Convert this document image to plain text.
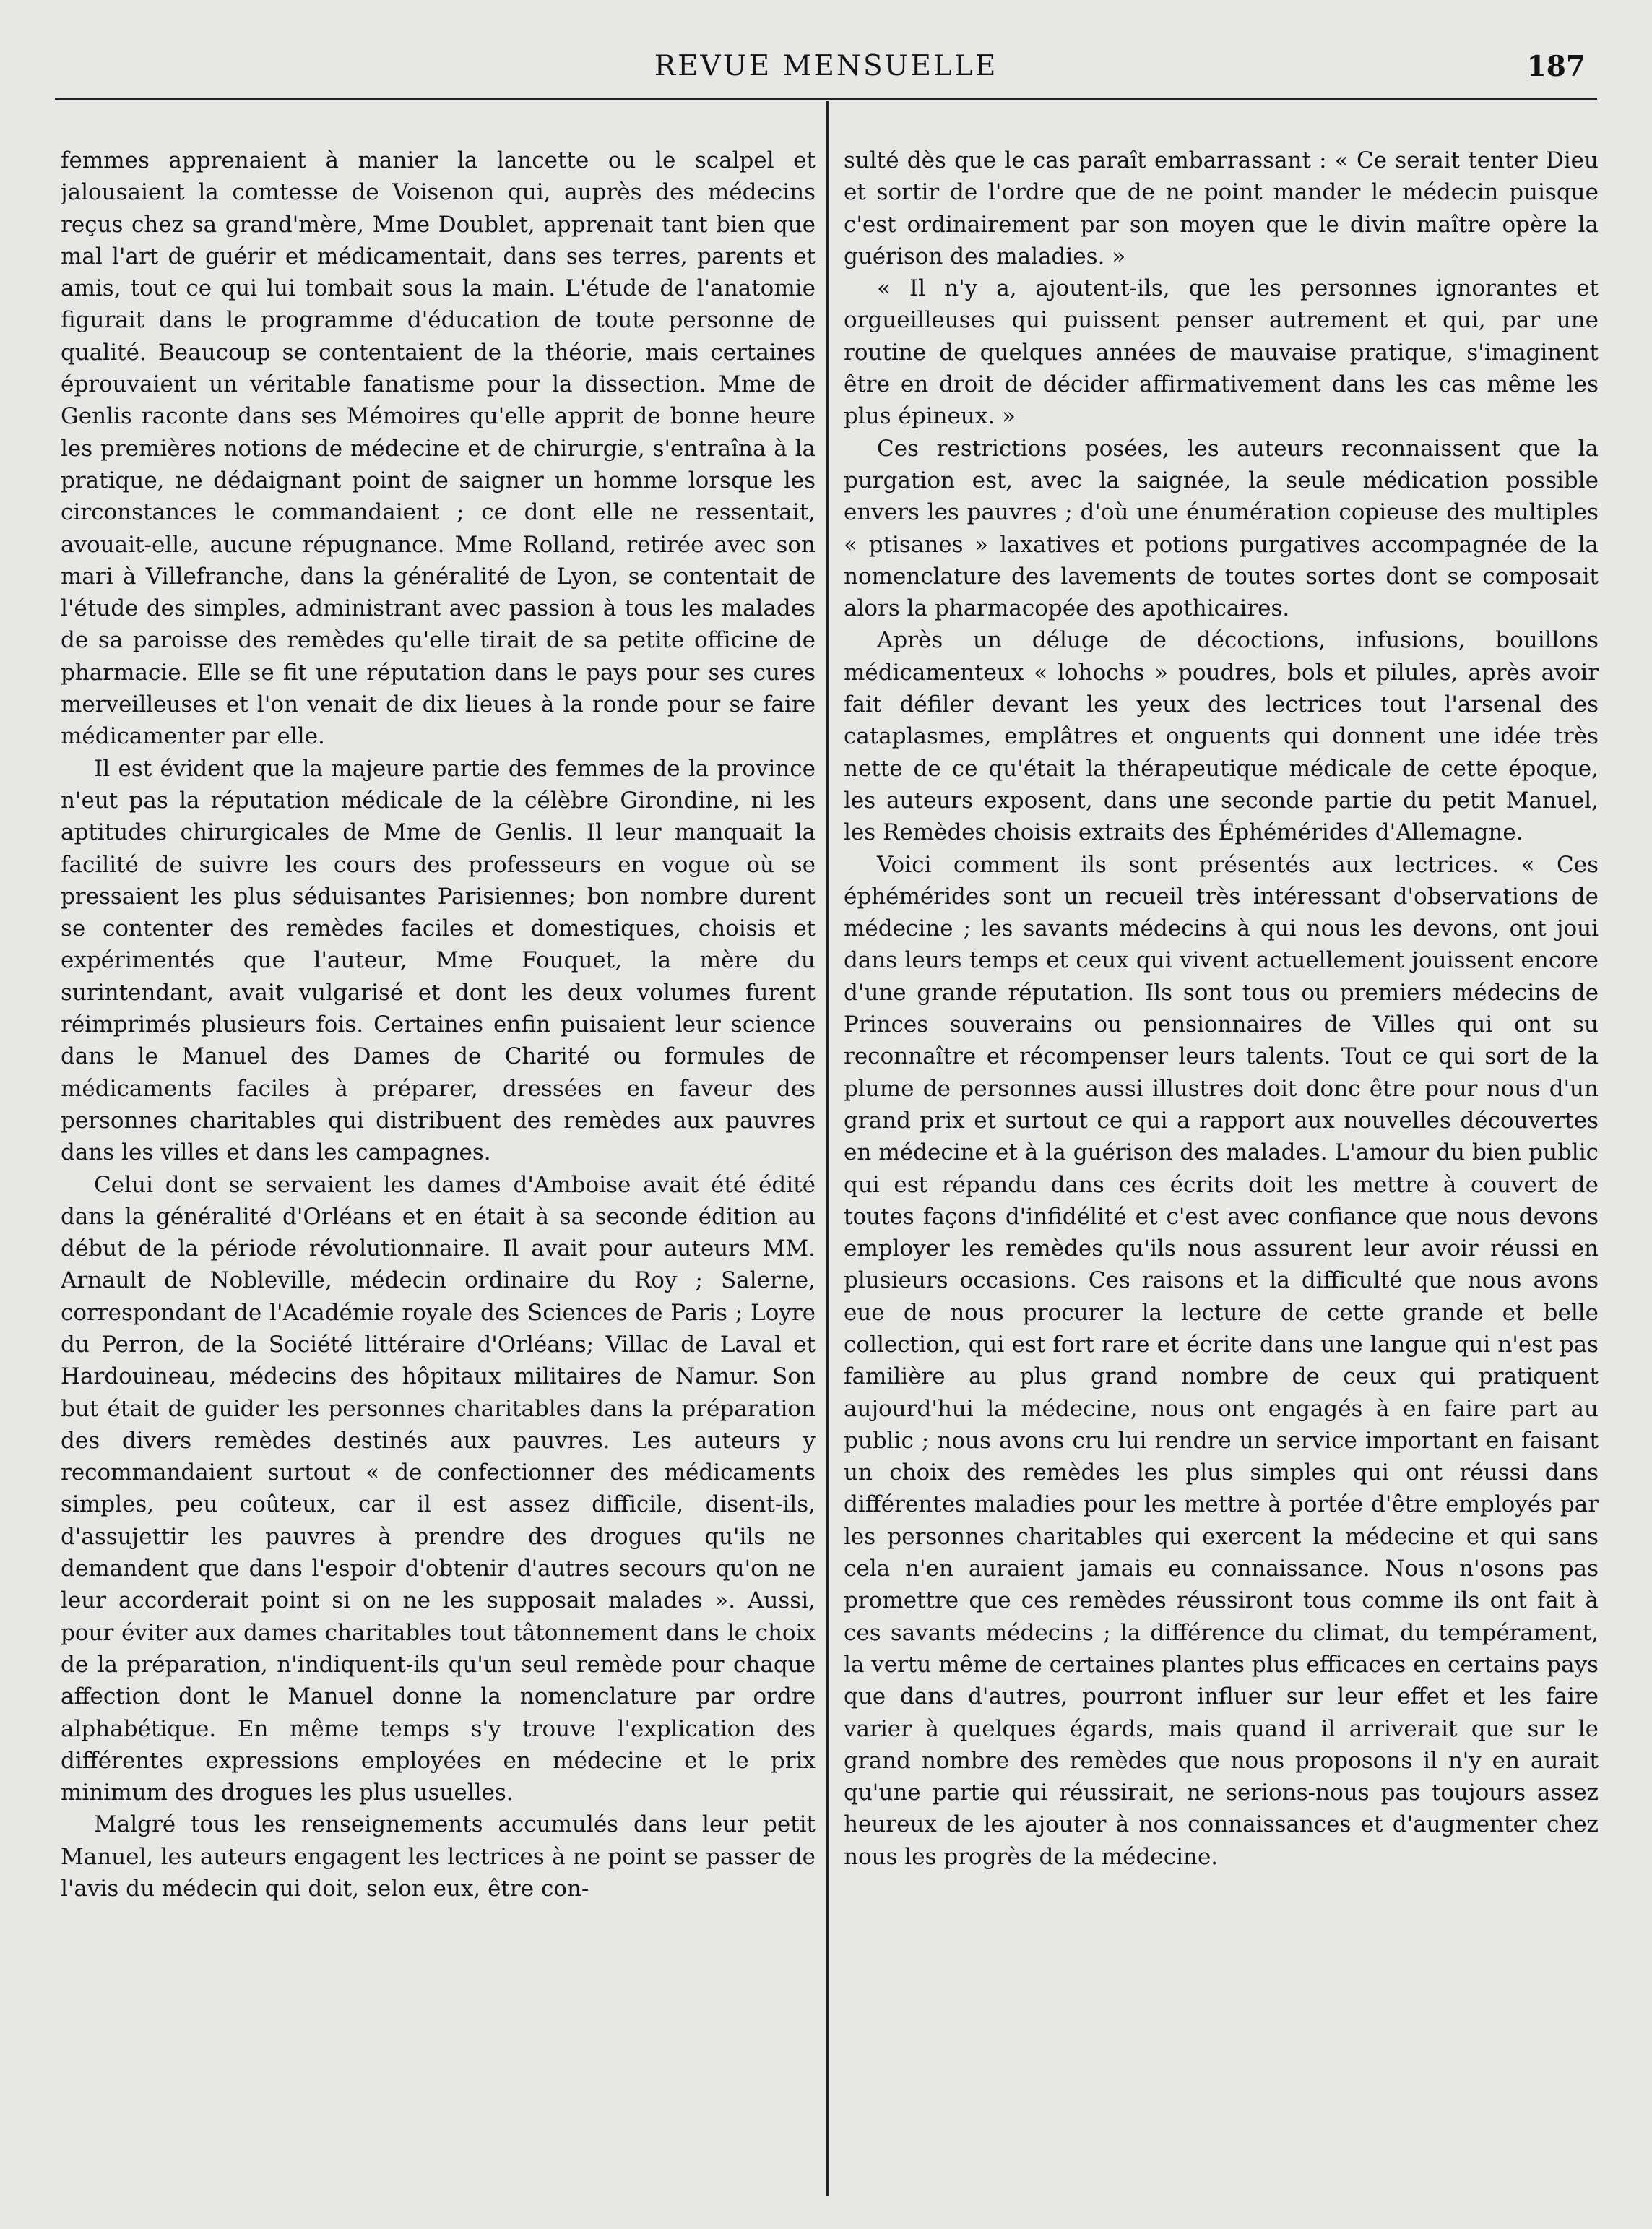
REVUE MENSUELLE	187

femmes apprenaient à manier la lancette ou le scalpel et jalousaient la comtesse de Voisenon qui, auprès des médecins reçus chez sa grand'mère, Mme Doublet, apprenait tant bien que mal l'art de guérir et médicamentait, dans ses terres, parents et amis, tout ce qui lui tombait sous la main. L'étude de l'anatomie figurait dans le programme d'éducation de toute personne de qualité. Beaucoup se contentaient de la théorie, mais certaines éprouvaient un véritable fanatisme pour la dissection. Mme de Genlis raconte dans ses Mémoires qu'elle apprit de bonne heure les premières notions de médecine et de chirurgie, s'entraîna à la pratique, ne dédaignant point de saigner un homme lorsque les circonstances le commandaient ; ce dont elle ne ressentait, avouait-elle, aucune répugnance. Mme Rolland, retirée avec son mari à Villefranche, dans la généralité de Lyon, se contentait de l'étude des simples, administrant avec passion à tous les malades de sa paroisse des remèdes qu'elle tirait de sa petite officine de pharmacie. Elle se fit une réputation dans le pays pour ses cures merveilleuses et l'on venait de dix lieues à la ronde pour se faire médicamenter par elle.

Il est évident que la majeure partie des femmes de la province n'eut pas la réputation médicale de la célèbre Girondine, ni les aptitudes chirurgicales de Mme de Genlis. Il leur manquait la facilité de suivre les cours des professeurs en vogue où se pressaient les plus séduisantes Parisiennes; bon nombre durent se contenter des remèdes faciles et domestiques, choisis et expérimentés que l'auteur, Mme Fouquet, la mère du surintendant, avait vulgarisé et dont les deux volumes furent réimprimés plusieurs fois. Certaines enfin puisaient leur science dans le Manuel des Dames de Charité ou formules de médicaments faciles à préparer, dressées en faveur des personnes charitables qui distribuent des remèdes aux pauvres dans les villes et dans les campagnes.

Celui dont se servaient les dames d'Amboise avait été édité dans la généralité d'Orléans et en était à sa seconde édition au début de la période révolutionnaire. Il avait pour auteurs MM. Arnault de Nobleville, médecin ordinaire du Roy ; Salerne, correspondant de l'Académie royale des Sciences de Paris ; Loyre du Perron, de la Société littéraire d'Orléans; Villac de Laval et Hardouineau, médecins des hôpitaux militaires de Namur. Son but était de guider les personnes charitables dans la préparation des divers remèdes destinés aux pauvres. Les auteurs y recommandaient surtout « de confectionner des médicaments simples, peu coûteux, car il est assez difficile, disent-ils, d'assujettir les pauvres à prendre des drogues qu'ils ne demandent que dans l'espoir d'obtenir d'autres secours qu'on ne leur accorderait point si on ne les supposait malades ». Aussi, pour éviter aux dames charitables tout tâtonnement dans le choix de la préparation, n'indiquent-ils qu'un seul remède pour chaque affection dont le Manuel donne la nomenclature par ordre alphabétique. En même temps s'y trouve l'explication des différentes expressions employées en médecine et le prix minimum des drogues les plus usuelles.

Malgré tous les renseignements accumulés dans leur petit Manuel, les auteurs engagent les lectrices à ne point se passer de l'avis du médecin qui doit, selon eux, être con-

sulté dès que le cas paraît embarrassant : « Ce serait tenter Dieu et sortir de l'ordre que de ne point mander le médecin puisque c'est ordinairement par son moyen que le divin maître opère la guérison des maladies. »

« Il n'y a, ajoutent-ils, que les personnes ignorantes et orgueilleuses qui puissent penser autrement et qui, par une routine de quelques années de mauvaise pratique, s'imaginent être en droit de décider affirmativement dans les cas même les plus épineux. »

Ces restrictions posées, les auteurs reconnaissent que la purgation est, avec la saignée, la seule médication possible envers les pauvres ; d'où une énumération copieuse des multiples « ptisanes » laxatives et potions purgatives accompagnée de la nomenclature des lavements de toutes sortes dont se composait alors la pharmacopée des apothicaires.

Après un déluge de décoctions, infusions, bouillons médicamenteux « lohochs » poudres, bols et pilules, après avoir fait défiler devant les yeux des lectrices tout l'arsenal des cataplasmes, emplâtres et onguents qui donnent une idée très nette de ce qu'était la thérapeutique médicale de cette époque, les auteurs exposent, dans une seconde partie du petit Manuel, les Remèdes choisis extraits des Éphémérides d'Allemagne.

Voici comment ils sont présentés aux lectrices. « Ces éphémérides sont un recueil très intéressant d'observations de médecine ; les savants médecins à qui nous les devons, ont joui dans leurs temps et ceux qui vivent actuellement jouissent encore d'une grande réputation. Ils sont tous ou premiers médecins de Princes souverains ou pensionnaires de Villes qui ont su reconnaître et récompenser leurs talents. Tout ce qui sort de la plume de personnes aussi illustres doit donc être pour nous d'un grand prix et surtout ce qui a rapport aux nouvelles découvertes en médecine et à la guérison des malades. L'amour du bien public qui est répandu dans ces écrits doit les mettre à couvert de toutes façons d'infidélité et c'est avec confiance que nous devons employer les remèdes qu'ils nous assurent leur avoir réussi en plusieurs occasions. Ces raisons et la difficulté que nous avons eue de nous procurer la lecture de cette grande et belle collection, qui est fort rare et écrite dans une langue qui n'est pas familière au plus grand nombre de ceux qui pratiquent aujourd'hui la médecine, nous ont engagés à en faire part au public ; nous avons cru lui rendre un service important en faisant un choix des remèdes les plus simples qui ont réussi dans différentes maladies pour les mettre à portée d'être employés par les personnes charitables qui exercent la médecine et qui sans cela n'en auraient jamais eu connaissance. Nous n'osons pas promettre que ces remèdes réussiront tous comme ils ont fait à ces savants médecins ; la différence du climat, du tempérament, la vertu même de certaines plantes plus efficaces en certains pays que dans d'autres, pourront influer sur leur effet et les faire varier à quelques égards, mais quand il arriverait que sur le grand nombre des remèdes que nous proposons il n'y en aurait qu'une partie qui réussirait, ne serions-nous pas toujours assez heureux de les ajouter à nos connaissances et d'augmenter chez nous les progrès de la médecine.
